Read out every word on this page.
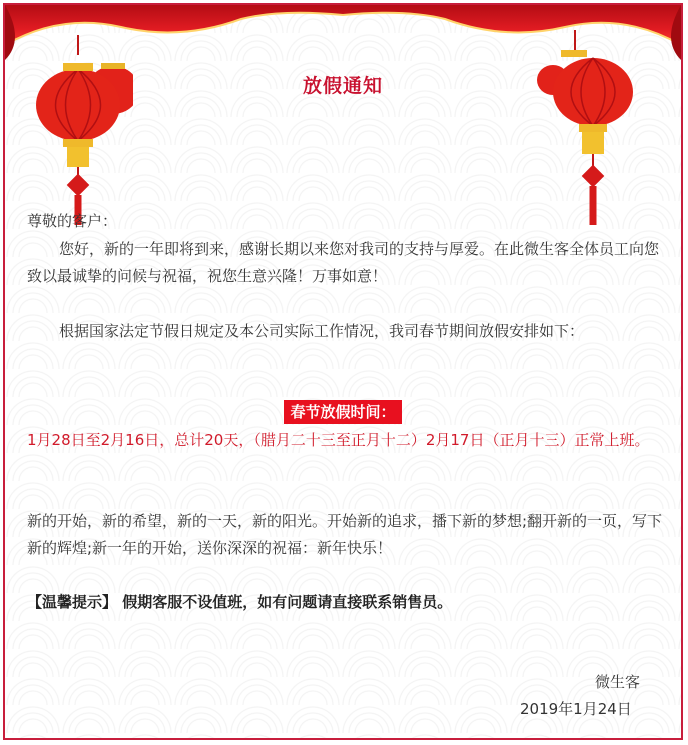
放假通知
尊敬的客户：
您好，新的一年即将到来，感谢长期以来您对我司的支持与厚爱。在此微生客全体员工向您致以最诚挚的问候与祝福，祝您生意兴隆！万事如意！
根据国家法定节假日规定及本公司实际工作情况，我司春节期间放假安排如下：
春节放假时间：
1月28日至2月16日，总计20天，（腊月二十三至正月十二）2月17日（正月十三）正常上班。
新的开始，新的希望，新的一天，新的阳光。开始新的追求，播下新的梦想;翻开新的一页，写下新的辉煌;新一年的开始，送你深深的祝福：新年快乐！
【温馨提示】 假期客服不设值班，如有问题请直接联系销售员。
微生客
2019年1月24日
